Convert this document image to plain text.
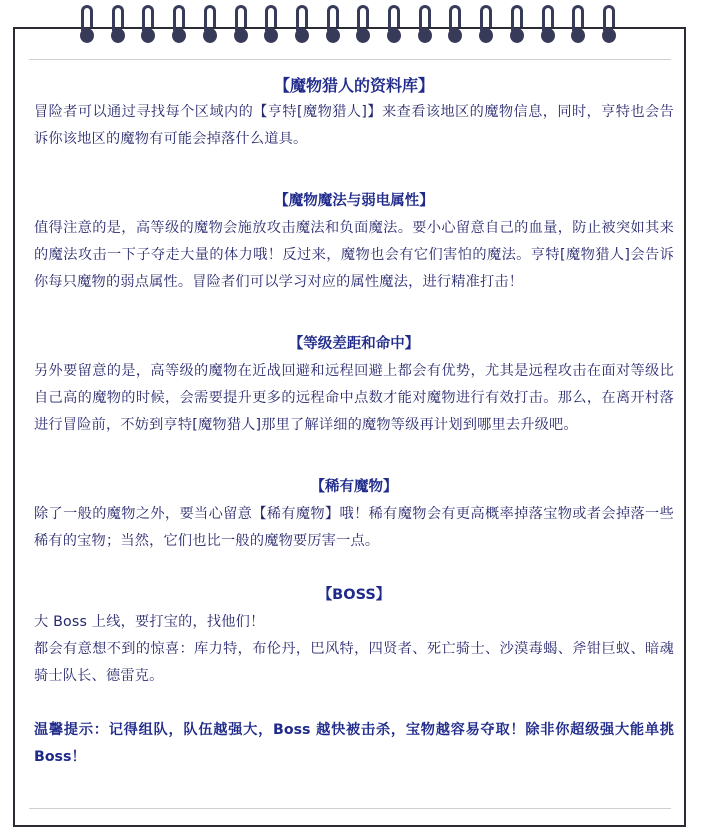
【魔物猎人的资料库】

冒险者可以通过寻找每个区域内的【亨特[魔物猎人]】来查看该地区的魔物信息，同时，亨特也会告诉你该地区的魔物有可能会掉落什么道具。

【魔物魔法与弱电属性】

值得注意的是，高等级的魔物会施放攻击魔法和负面魔法。要小心留意自己的血量，防止被突如其来的魔法攻击一下子夺走大量的体力哦！反过来，魔物也会有它们害怕的魔法。亨特[魔物猎人]会告诉你每只魔物的弱点属性。冒险者们可以学习对应的属性魔法，进行精准打击！

【等级差距和命中】

另外要留意的是，高等级的魔物在近战回避和远程回避上都会有优势，尤其是远程攻击在面对等级比自己高的魔物的时候，会需要提升更多的远程命中点数才能对魔物进行有效打击。那么，在离开村落进行冒险前，不妨到亨特[魔物猎人]那里了解详细的魔物等级再计划到哪里去升级吧。

【稀有魔物】

除了一般的魔物之外，要当心留意【稀有魔物】哦！稀有魔物会有更高概率掉落宝物或者会掉落一些稀有的宝物；当然，它们也比一般的魔物要厉害一点。

【BOSS】

大 Boss 上线，要打宝的，找他们！

都会有意想不到的惊喜：库力特，布伦丹，巴风特，四贤者、死亡骑士、沙漠毒蝎、斧钳巨蚁、暗魂骑士队长、德雷克。

温馨提示：记得组队，队伍越强大，Boss 越快被击杀，宝物越容易夺取！除非你超级强大能单挑 Boss！
